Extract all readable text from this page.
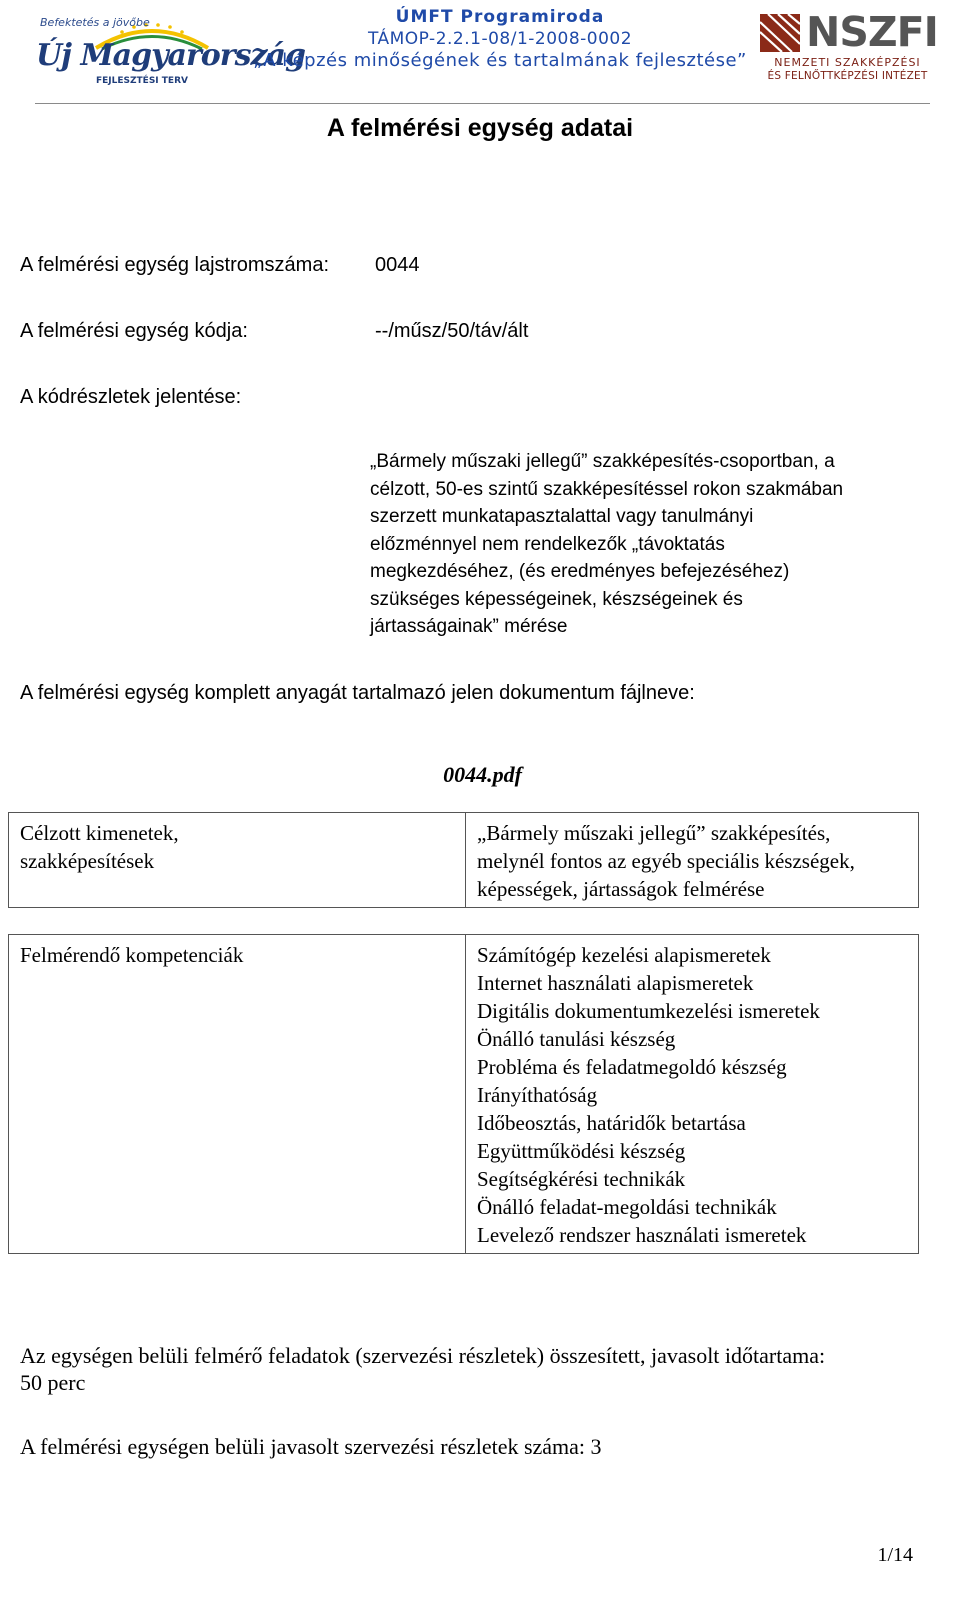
Befektetés a jövőbe
Új Magyarország
FEJLESZTÉSI TERV
ÚMFT Programiroda
TÁMOP-2.2.1-08/1-2008-0002
„A képzés minőségének és tartalmának fejlesztése”
NSZFI
NEMZETI SZAKKÉPZÉSI
ÉS FELNŐTTKÉPZÉSI INTÉZET
A felmérési egység adatai
A felmérési egység lajstromszáma: 0044
A felmérési egység kódja:	--/műsz/50/táv/ált
A kódrészletek jelentése:
„Bármely műszaki jellegű” szakképesítés-csoportban, a
célzott, 50-es szintű szakképesítéssel rokon szakmában
szerzett munkatapasztalattal vagy tanulmányi
előzménnyel nem rendelkezők „távoktatás
megkezdéséhez, (és eredményes befejezéséhez)
szükséges képességeinek, készségeinek és
jártasságainak” mérése
A felmérési egység komplett anyagát tartalmazó jelen dokumentum fájlneve:
0044.pdf
Célzott kimenetek,
szakképesítések

„Bármely műszaki jellegű” szakképesítés,
melynél fontos az egyéb speciális készségek,
képességek, jártasságok felmérése
Felmérendő kompetenciák	Számítógép kezelési alapismeretek
Internet használati alapismeretek
Digitális dokumentumkezelési ismeretek
Önálló tanulási készség
Probléma és feladatmegoldó készség
Irányíthatóság
Időbeosztás, határidők betartása
Együttműködési készség
Segítségkérési technikák
Önálló feladat-megoldási technikák
Levelező rendszer használati ismeretek
Az egységen belüli felmérő feladatok (szervezési részletek) összesített, javasolt időtartama:
50 perc
A felmérési egységen belüli javasolt szervezési részletek száma: 3
1/14
